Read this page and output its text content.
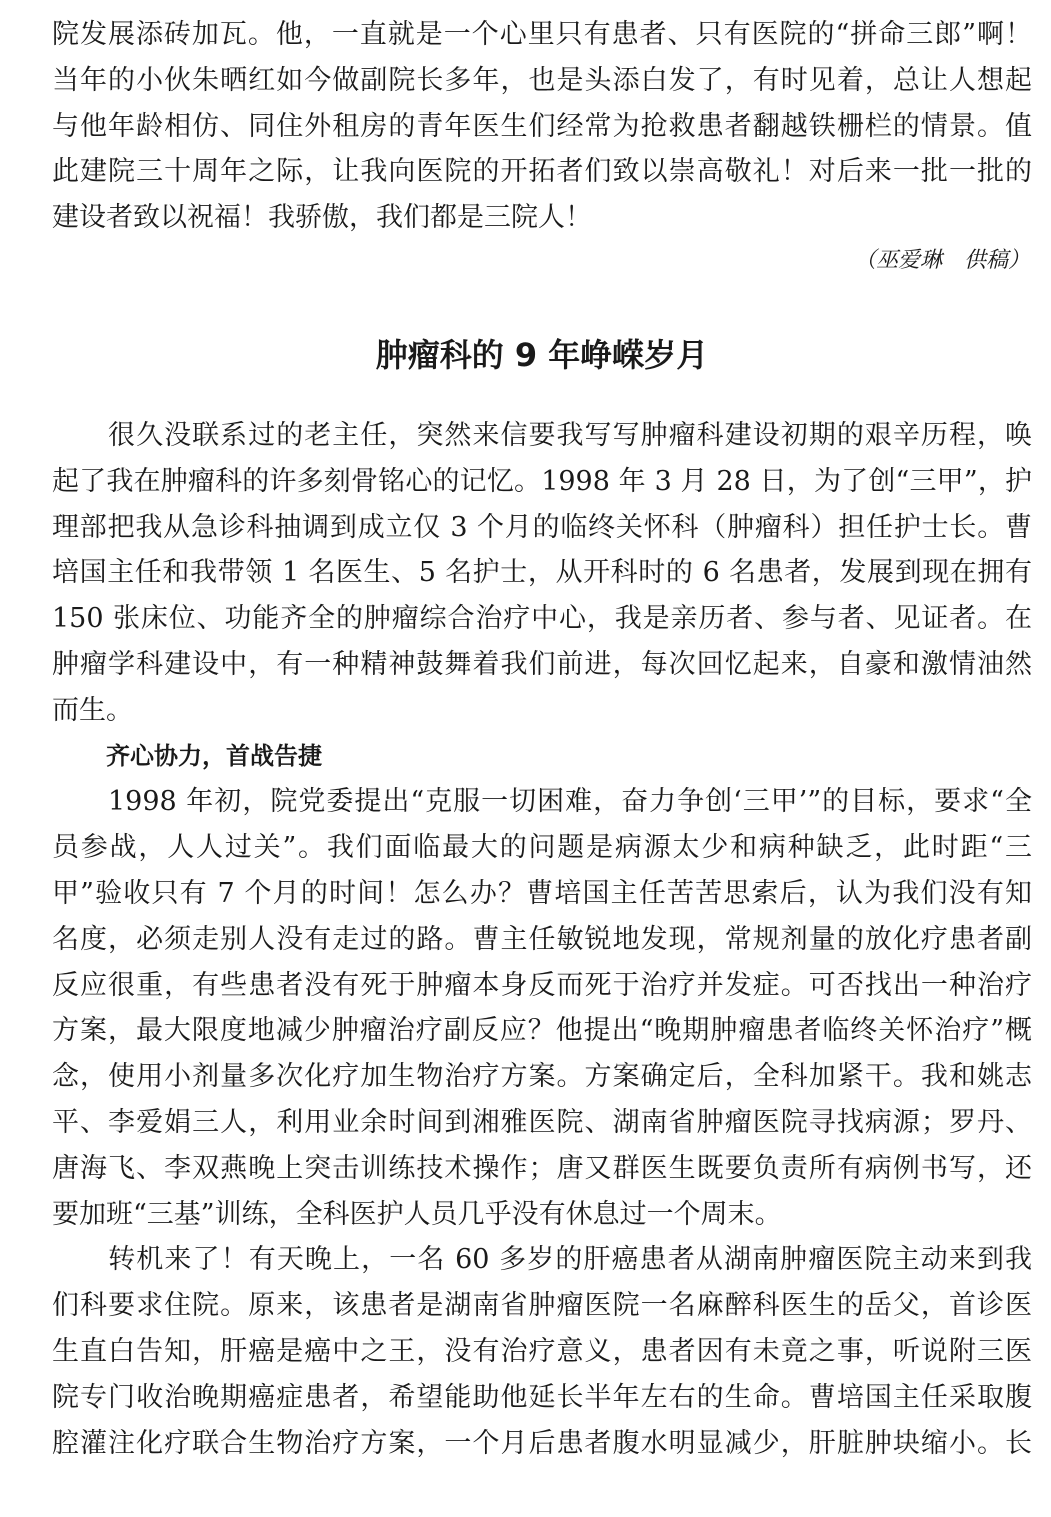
院发展添砖加瓦。他，一直就是一个心里只有患者、只有医院的“拼命三郎”啊！
当年的小伙朱晒红如今做副院长多年，也是头添白发了，有时见着，总让人想起
与他年龄相仿、同住外租房的青年医生们经常为抢救患者翻越铁栅栏的情景。值
此建院三十周年之际，让我向医院的开拓者们致以崇高敬礼！对后来一批一批的
建设者致以祝福！我骄傲，我们都是三院人！
（巫爱琳　供稿）
肿瘤科的 9 年峥嵘岁月
　　很久没联系过的老主任，突然来信要我写写肿瘤科建设初期的艰辛历程，唤
起了我在肿瘤科的许多刻骨铭心的记忆。1998 年 3 月 28 日，为了创“三甲”，护
理部把我从急诊科抽调到成立仅 3 个月的临终关怀科（肿瘤科）担任护士长。曹
培国主任和我带领 1 名医生、5 名护士，从开科时的 6 名患者，发展到现在拥有
150 张床位、功能齐全的肿瘤综合治疗中心，我是亲历者、参与者、见证者。在
肿瘤学科建设中，有一种精神鼓舞着我们前进，每次回忆起来，自豪和激情油然
而生。
齐心协力，首战告捷
　　1998 年初，院党委提出“克服一切困难，奋力争创‘三甲’”的目标，要求“全
员参战，人人过关”。我们面临最大的问题是病源太少和病种缺乏，此时距“三
甲”验收只有 7 个月的时间！怎么办？曹培国主任苦苦思索后，认为我们没有知
名度，必须走别人没有走过的路。曹主任敏锐地发现，常规剂量的放化疗患者副
反应很重，有些患者没有死于肿瘤本身反而死于治疗并发症。可否找出一种治疗
方案，最大限度地减少肿瘤治疗副反应？他提出“晚期肿瘤患者临终关怀治疗”概
念，使用小剂量多次化疗加生物治疗方案。方案确定后，全科加紧干。我和姚志
平、李爱娟三人，利用业余时间到湘雅医院、湖南省肿瘤医院寻找病源；罗丹、
唐海飞、李双燕晚上突击训练技术操作；唐又群医生既要负责所有病例书写，还
要加班“三基”训练，全科医护人员几乎没有休息过一个周末。
　　转机来了！有天晚上，一名 60 多岁的肝癌患者从湖南肿瘤医院主动来到我
们科要求住院。原来，该患者是湖南省肿瘤医院一名麻醉科医生的岳父，首诊医
生直白告知，肝癌是癌中之王，没有治疗意义，患者因有未竟之事，听说附三医
院专门收治晚期癌症患者，希望能助他延长半年左右的生命。曹培国主任采取腹
腔灌注化疗联合生物治疗方案，一个月后患者腹水明显减少，肝脏肿块缩小。长
